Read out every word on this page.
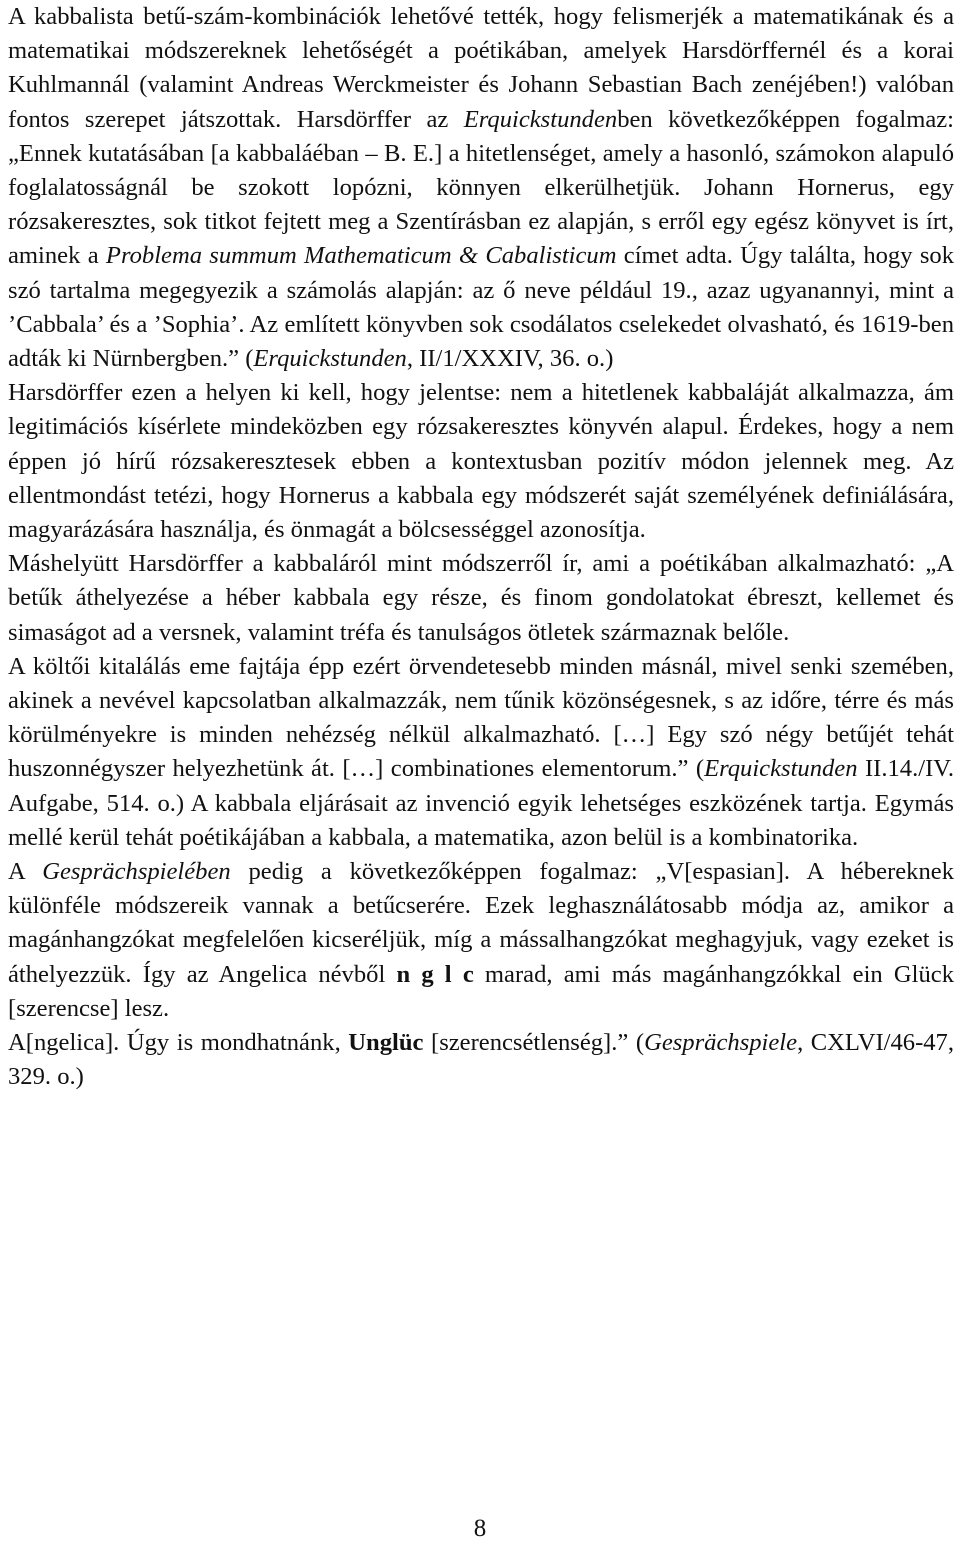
A kabbalista betű-szám-kombinációk lehetővé tették, hogy felismerjék a matematikának és a matematikai módszereknek lehetőségét a poétikában, amelyek Harsdörffernél és a korai Kuhlmannál (valamint Andreas Werckmeister és Johann Sebastian Bach zenéjében!) valóban fontos szerepet játszottak. Harsdörffer az Erquickstundenben következőképpen fogalmaz: „Ennek kutatásában [a kabbaláéban – B. E.] a hitetlenséget, amely a hasonló, számokon alapuló foglalatosságnál be szokott lopózni, könnyen elkerülhetjük. Johann Hornerus, egy rózsakeresztes, sok titkot fejtett meg a Szentírásban ez alapján, s erről egy egész könyvet is írt, aminek a Problema summum Mathematicum & Cabalisticum címet adta. Úgy találta, hogy sok szó tartalma megegyezik a számolás alapján: az ő neve például 19., azaz ugyanannyi, mint a ’Cabbala’ és a ’Sophia’. Az említett könyvben sok csodálatos cselekedet olvasható, és 1619-ben adták ki Nürnbergben.” (Erquickstunden, II/1/XXXIV, 36. o.)

Harsdörffer ezen a helyen ki kell, hogy jelentse: nem a hitetlenek kabbaláját alkalmazza, ám legitimációs kísérlete mindeközben egy rózsakeresztes könyvén alapul. Érdekes, hogy a nem éppen jó hírű rózsakeresztesek ebben a kontextusban pozitív módon jelennek meg. Az ellentmondást tetézi, hogy Hornerus a kabbala egy módszerét saját személyének definiálására, magyarázására használja, és önmagát a bölcsességgel azonosítja.

Máshelyütt Harsdörffer a kabbaláról mint módszerről ír, ami a poétikában alkalmazható: „A betűk áthelyezése a héber kabbala egy része, és finom gondolatokat ébreszt, kellemet és simaságot ad a versnek, valamint tréfa és tanulságos ötletek származnak belőle.

A költői kitalálás eme fajtája épp ezért örvendetesebb minden másnál, mivel senki szemében, akinek a nevével kapcsolatban alkalmazzák, nem tűnik közönségesnek, s az időre, térre és más körülményekre is minden nehézség nélkül alkalmazható. […] Egy szó négy betűjét tehát huszonnégyszer helyezhetünk át. […] combinationes elementorum.” (Erquickstunden II.14./IV. Aufgabe, 514. o.) A kabbala eljárásait az invenció egyik lehetséges eszközének tartja. Egymás mellé kerül tehát poétikájában a kabbala, a matematika, azon belül is a kombinatorika.

A Gesprächspielében pedig a következőképpen fogalmaz: „V[espasian]. A hébereknek különféle módszereik vannak a betűcserére. Ezek leghasználátosabb módja az, amikor a magánhangzókat megfelelően kicseréljük, míg a mássalhangzókat meghagyjuk, vagy ezeket is áthelyezzük. Így az Angelica névből n g l c marad, ami más magánhangzókkal ein Glück [szerencse] lesz.

A[ngelica]. Úgy is mondhatnánk, Unglüc [szerencsétlenség].” (Gesprächspiele, CXLVI/46-47, 329. o.)

8
